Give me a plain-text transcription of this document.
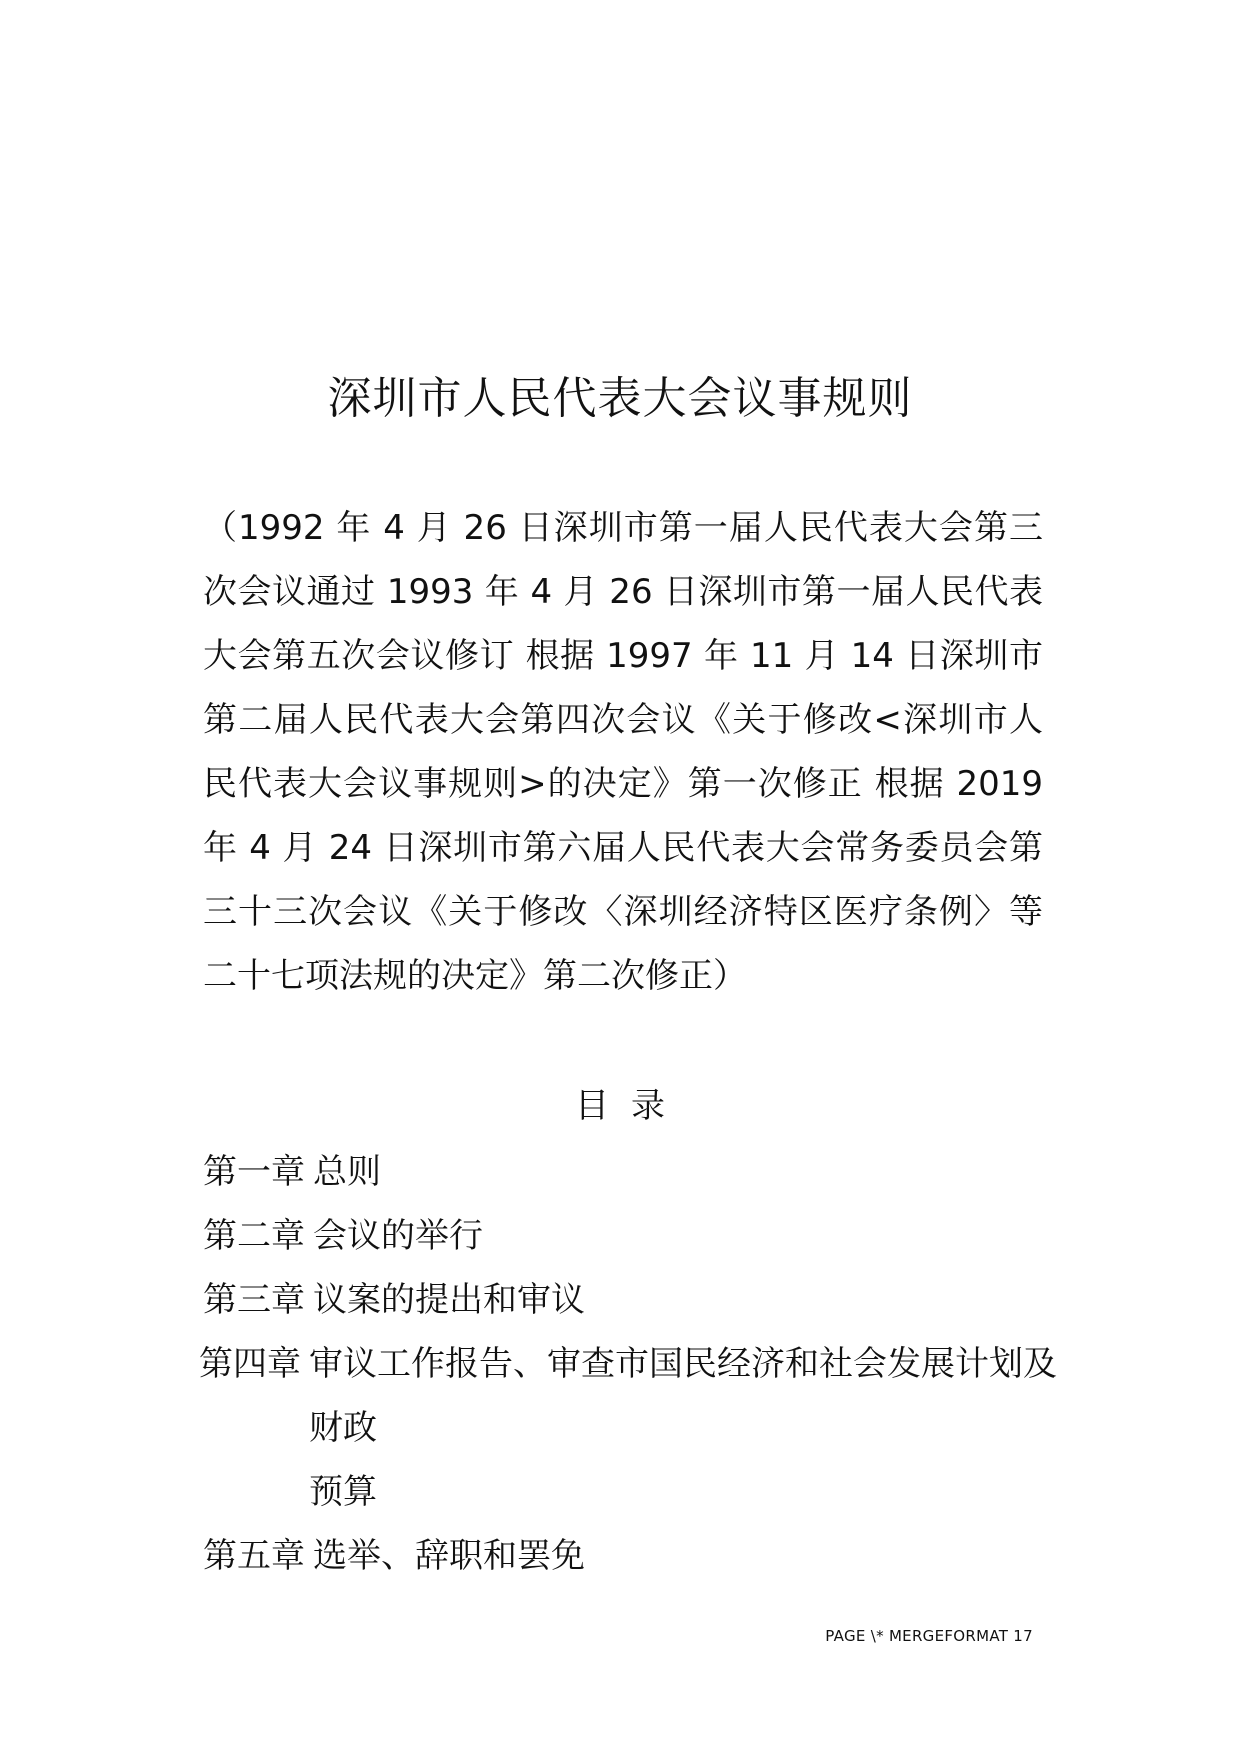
深圳市人民代表大会议事规则
（1992 年 4 月 26 日深圳市第一届人民代表大会第三次会议通过 1993 年 4 月 26 日深圳市第一届人民代表大会第五次会议修订 根据 1997 年 11 月 14 日深圳市第二届人民代表大会第四次会议《关于修改<深圳市人民代表大会议事规则>的决定》第一次修正 根据 2019 年 4 月 24 日深圳市第六届人民代表大会常务委员会第三十三次会议《关于修改〈深圳经济特区医疗条例〉等二十七项法规的决定》第二次修正）
目录
第一章 总则
第二章 会议的举行
第三章 议案的提出和审议
第四章 审议工作报告、审查市国民经济和社会发展计划及财政
预算
第五章 选举、辞职和罢免
PAGE \* MERGEFORMAT 17
